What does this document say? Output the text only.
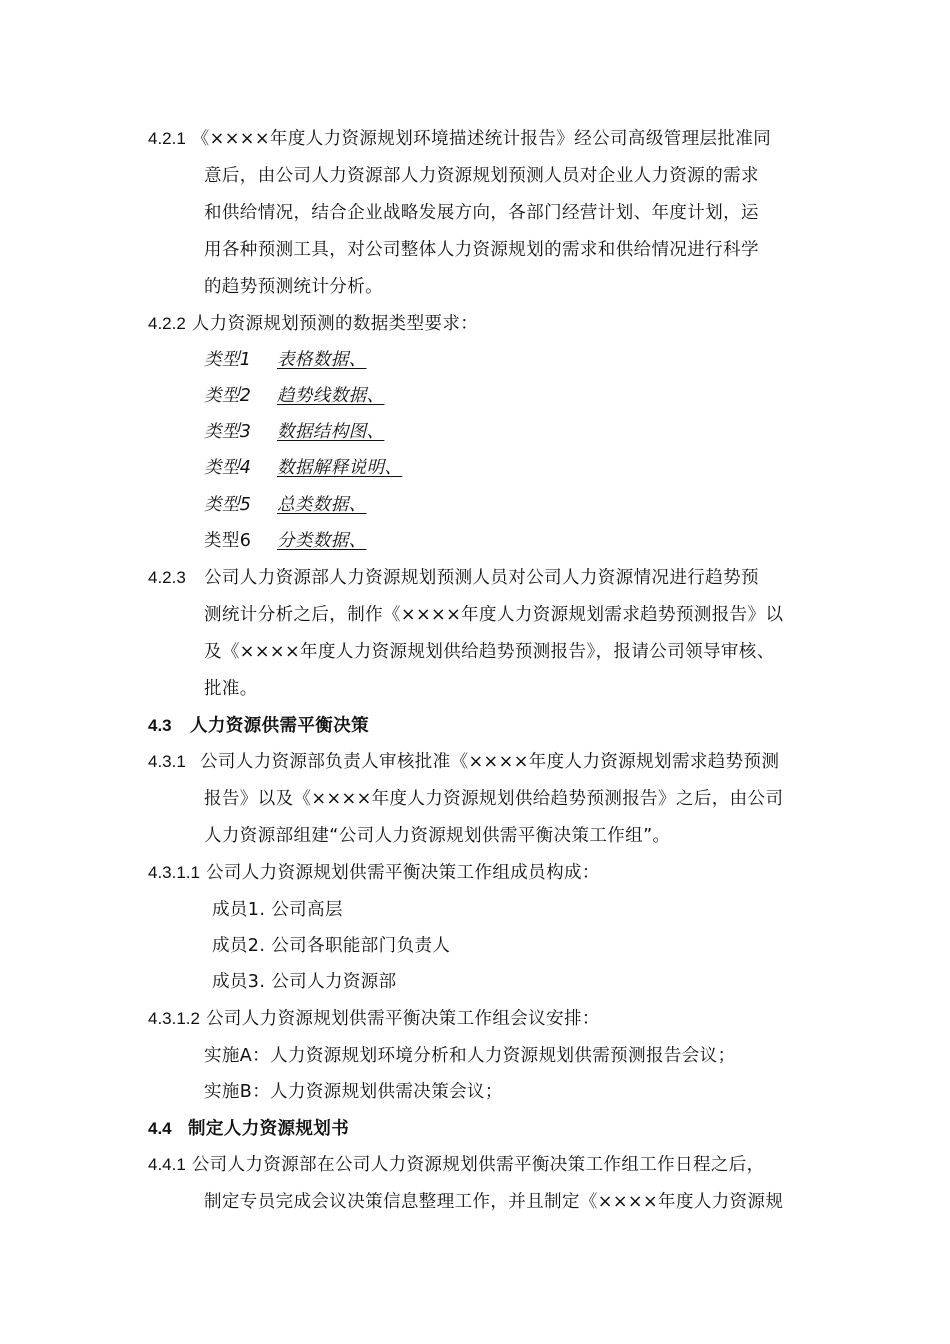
4.2.1 《××××年度人力资源规划环境描述统计报告》经公司高级管理层批准同
意后，由公司人力资源部人力资源规划预测人员对企业人力资源的需求
和供给情况，结合企业战略发展方向，各部门经营计划、年度计划，运
用各种预测工具，对公司整体人力资源规划的需求和供给情况进行科学
的趋势预测统计分析。
4.2.2 人力资源规划预测的数据类型要求：
类型1 表格数据、
类型2 趋势线数据、
类型3 数据结构图、
类型4 数据解释说明、
类型5 总类数据、
类型6 分类数据、
4.2.3 公司人力资源部人力资源规划预测人员对公司人力资源情况进行趋势预
测统计分析之后，制作《××××年度人力资源规划需求趋势预测报告》以
及《××××年度人力资源规划供给趋势预测报告》，报请公司领导审核、
批准。
4.3 人力资源供需平衡决策
4.3.1 公司人力资源部负责人审核批准《××××年度人力资源规划需求趋势预测
报告》以及《××××年度人力资源规划供给趋势预测报告》之后，由公司
人力资源部组建“公司人力资源规划供需平衡决策工作组”。
4.3.1.1 公司人力资源规划供需平衡决策工作组成员构成：
成员1. 公司高层
成员2. 公司各职能部门负责人
成员3. 公司人力资源部
4.3.1.2 公司人力资源规划供需平衡决策工作组会议安排：
实施A：人力资源规划环境分析和人力资源规划供需预测报告会议；
实施B：人力资源规划供需决策会议；
4.4 制定人力资源规划书
4.4.1 公司人力资源部在公司人力资源规划供需平衡决策工作组工作日程之后，
制定专员完成会议决策信息整理工作，并且制定《××××年度人力资源规
